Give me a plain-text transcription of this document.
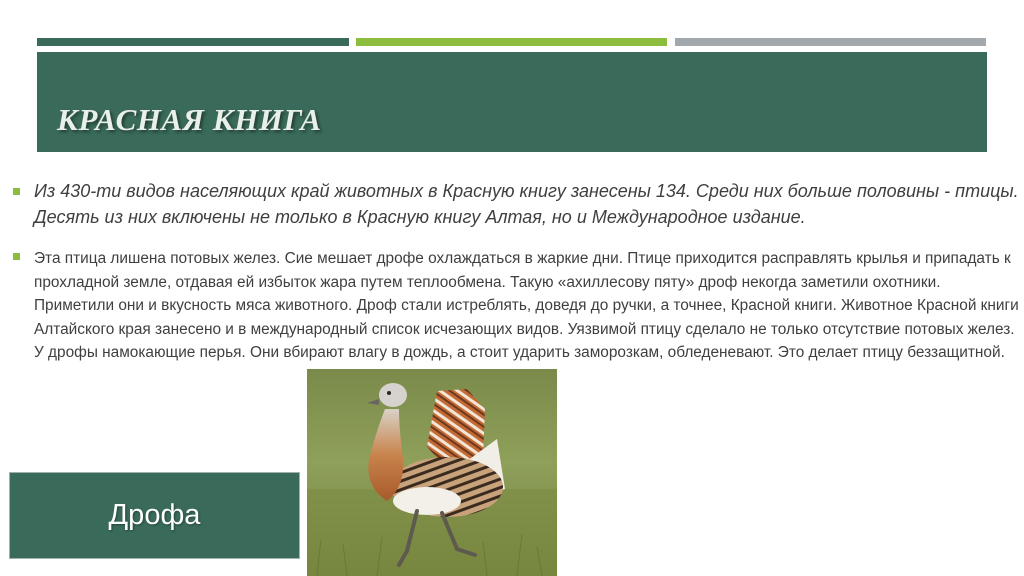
КРАСНАЯ КНИГА

Из 430-ти видов населяющих край животных в Красную книгу занесены 134. Среди них больше половины - птицы. Десять из них включены не только в Красную книгу Алтая, но и Международное издание.

Эта птица лишена потовых желез. Сие мешает дрофе охлаждаться в жаркие дни. Птице приходится расправлять крылья и припадать к прохладной земле, отдавая ей избыток жара путем теплообмена. Такую «ахиллесову пяту» дроф некогда заметили охотники. Приметили они и вкусность мяса животного. Дроф стали истреблять, доведя до ручки, а точнее, Красной книги. Животное Красной книги Алтайского края занесено и в международный список исчезающих видов. Уязвимой птицу сделало не только отсутствие потовых желез. У дрофы намокающие перья. Они вбирают влагу в дождь, а стоит ударить заморозкам, обледеневают. Это делает птицу беззащитной.

Дрофа
